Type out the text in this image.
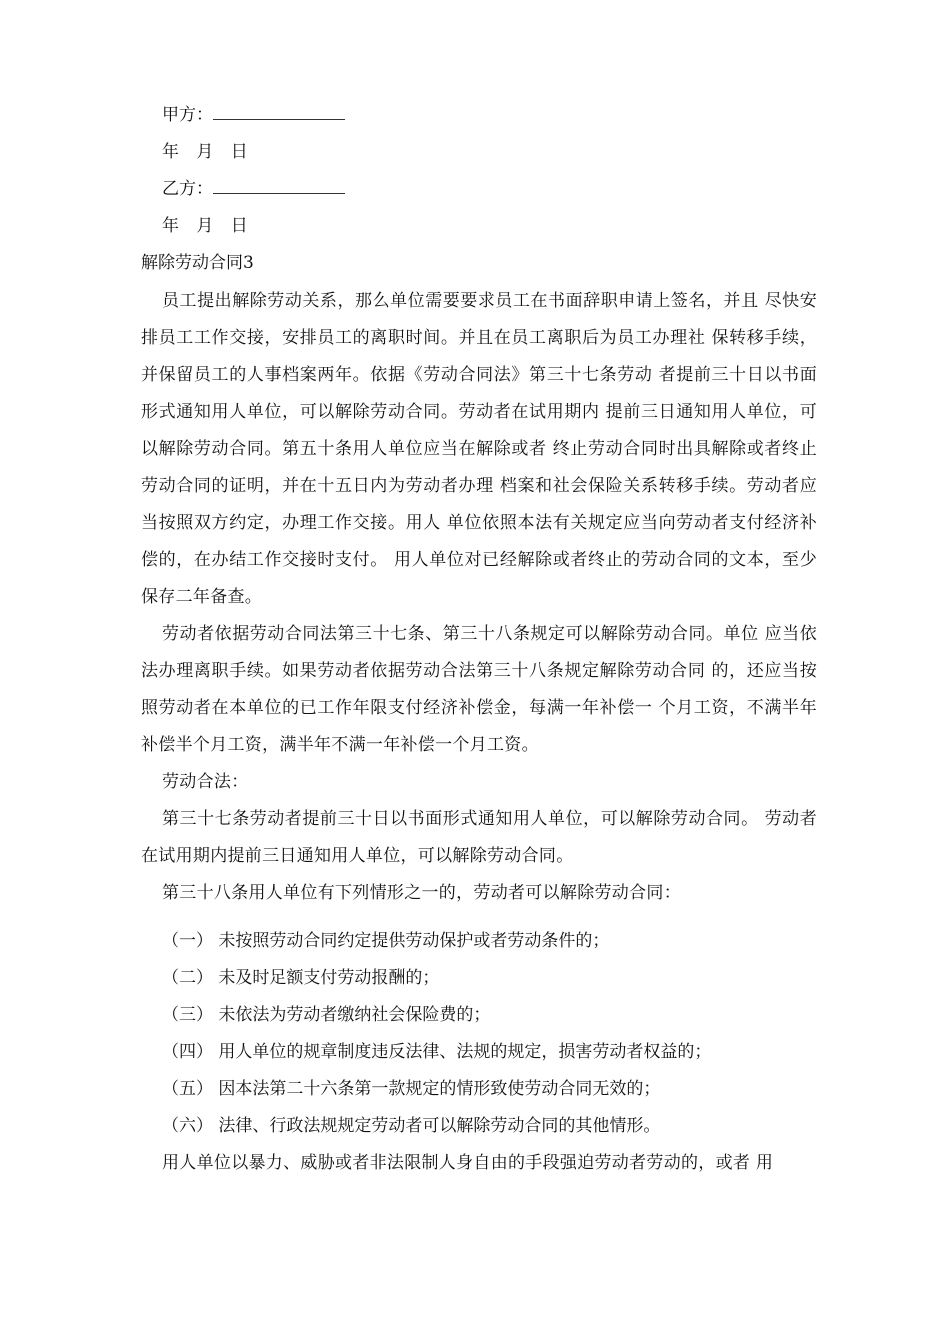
甲方：
年 月 日
乙方：
年 月 日
解除劳动合同3
员工提出解除劳动关系，那么单位需要要求员工在书面辞职申请上签名，并且 尽快安排员工工作交接，安排员工的离职时间。并且在员工离职后为员工办理社 保转移手续，并保留员工的人事档案两年。依据《劳动合同法》第三十七条劳动 者提前三十日以书面形式通知用人单位，可以解除劳动合同。劳动者在试用期内 提前三日通知用人单位，可以解除劳动合同。第五十条用人单位应当在解除或者 终止劳动合同时出具解除或者终止劳动合同的证明，并在十五日内为劳动者办理 档案和社会保险关系转移手续。劳动者应当按照双方约定，办理工作交接。用人 单位依照本法有关规定应当向劳动者支付经济补偿的，在办结工作交接时支付。 用人单位对已经解除或者终止的劳动合同的文本，至少保存二年备查。
劳动者依据劳动合同法第三十七条、第三十八条规定可以解除劳动合同。单位 应当依法办理离职手续。如果劳动者依据劳动合法第三十八条规定解除劳动合同 的，还应当按照劳动者在本单位的已工作年限支付经济补偿金，每满一年补偿一 个月工资，不满半年补偿半个月工资，满半年不满一年补偿一个月工资。
劳动合法：
第三十七条劳动者提前三十日以书面形式通知用人单位，可以解除劳动合同。 劳动者在试用期内提前三日通知用人单位，可以解除劳动合同。
第三十八条用人单位有下列情形之一的，劳动者可以解除劳动合同：
（一） 未按照劳动合同约定提供劳动保护或者劳动条件的；
（二） 未及时足额支付劳动报酬的；
（三） 未依法为劳动者缴纳社会保险费的；
（四） 用人单位的规章制度违反法律、法规的规定，损害劳动者权益的；
（五） 因本法第二十六条第一款规定的情形致使劳动合同无效的；
（六） 法律、行政法规规定劳动者可以解除劳动合同的其他情形。
用人单位以暴力、威胁或者非法限制人身自由的手段强迫劳动者劳动的，或者 用
